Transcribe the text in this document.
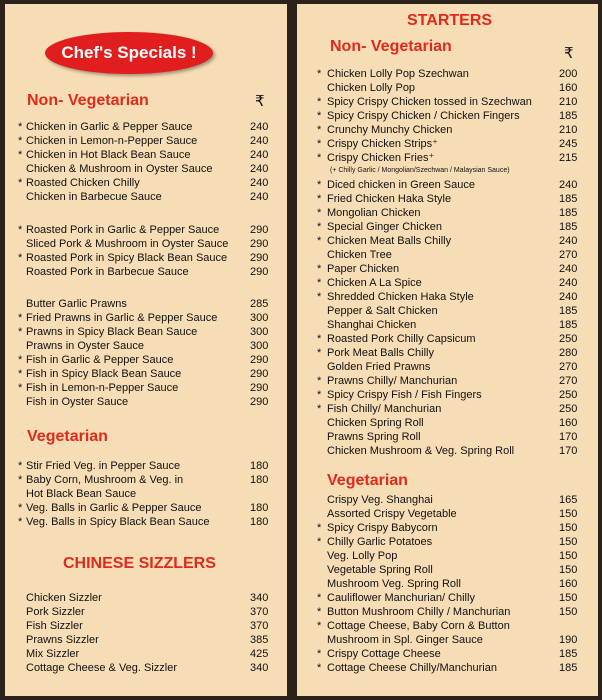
Chef's Specials !
Non- Vegetarian	₹
Vegetarian
CHINESE SIZZLERS
* Chicken in Garlic & Pepper Sauce	240
* Chicken in Lemon-n-Pepper Sauce	240
* Chicken in Hot Black Bean Sauce	240
Chicken & Mushroom in Oyster Sauce	240
* Roasted Chicken Chilly	240
Chicken in Barbecue Sauce	240
* Roasted Pork in Garlic & Pepper Sauce	290
Sliced Pork & Mushroom in Oyster Sauce 290
* Roasted Pork in Spicy Black Bean Sauce 290
Roasted Pork in Barbecue Sauce	290
Butter Garlic Prawns	285
* Fried Prawns in Garlic & Pepper Sauce	300
* Prawns in Spicy Black Bean Sauce	300
Prawns in Oyster Sauce	300
* Fish in Garlic & Pepper Sauce	290
* Fish in Spicy Black Bean Sauce	290
* Fish in Lemon-n-Pepper Sauce	290
Fish in Oyster Sauce	290
* Stir Fried Veg. in Pepper Sauce	180
* Baby Corn, Mushroom & Veg. in	180
Hot Black Bean Sauce
* Veg. Balls in Garlic & Pepper Sauce	180
* Veg. Balls in Spicy Black Bean Sauce	180
Chicken Sizzler	340
Pork Sizzler	370
Fish Sizzler	370
Prawns Sizzler	385
Mix Sizzler	425
Cottage Cheese & Veg. Sizzler	340
STARTERS
Non- Vegetarian	₹
(+ Chilly Garlic / Mongolian/Szechwan / Malaysian Sauce)
Vegetarian
* Chicken Lolly Pop Szechwan	200
Chicken Lolly Pop	160
* Spicy Crispy Chicken tossed in Szechwan 210
* Spicy Crispy Chicken / Chicken Fingers	185
* Crunchy Munchy Chicken	210
* Crispy Chicken Strips⁺	245
* Crispy Chicken Fries⁺	215
* Diced chicken in Green Sauce	240
* Fried Chicken Haka Style	185
* Mongolian Chicken	185
* Special Ginger Chicken	185
* Chicken Meat Balls Chilly	240
Chicken Tree	270
* Paper Chicken	240
* Chicken A La Spice	240
* Shredded Chicken Haka Style	240
Pepper & Salt Chicken	185
Shanghai Chicken	185
* Roasted Pork Chilly Capsicum	250
* Pork Meat Balls Chilly	280
Golden Fried Prawns	270
* Prawns Chilly/ Manchurian	270
* Spicy Crispy Fish / Fish Fingers	250
* Fish Chilly/ Manchurian	250
Chicken Spring Roll	160
Prawns Spring Roll	170
Chicken Mushroom & Veg. Spring Roll	170
Crispy Veg. Shanghai	165
Assorted Crispy Vegetable	150
* Spicy Crispy Babycorn	150
* Chilly Garlic Potatoes	150
Veg. Lolly Pop	150
Vegetable Spring Roll	150
Mushroom Veg. Spring Roll	160
* Cauliflower Manchurian/ Chilly	150
* Button Mushroom Chilly / Manchurian	150
* Cottage Cheese, Baby Corn & Button
Mushroom in Spl. Ginger Sauce	190
* Crispy Cottage Cheese	185
* Cottage Cheese Chilly/Manchurian	185
